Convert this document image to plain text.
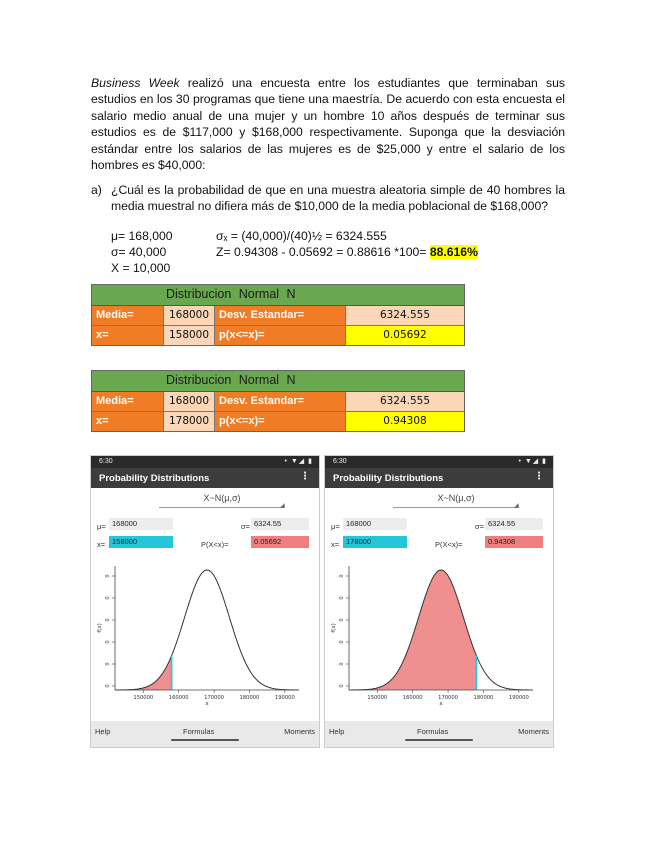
Business Week realizó una encuesta entre los estudiantes que terminaban sus estudios en los 30 programas que tiene una maestría. De acuerdo con esta encuesta el salario medio anual de una mujer y un hombre 10 años después de terminar sus estudios es de $117,000 y $168,000 respectivamente. Suponga que la desviación estándar entre los salarios de las mujeres es de $25,000 y entre el salario de los hombres es $40,000:
a) ¿Cuál es la probabilidad de que en una muestra aleatoria simple de 40 hombres la media muestral no difiera más de $10,000 de la media poblacional de $168,000?
μ= 168,000
σ= 40,000
X = 10,000
σₓ = (40,000)/(40)½ = 6324.555
Z= 0.94308 - 0.05692 = 0.88616 *100= 88.616%
Distribucion Normal N
Media=	168000 Desv. Estandar=	6324.555
x=	158000 p(x<=x)=	0.05692
Distribucion Normal N
Media=	168000 Desv. Estandar=	6324.555
x=	178000 p(x<=x)=	0.94308
6:30	• ▼◢ ▮
Probability Distributions	⋮
X~N(μ,σ)
◢
μ= 168000	σ= 6324.55
x= 158000	P(X<x)=	0.05692
0
0
0
0
0
0
150000	160000	170000	180000	190000
x
f(x)
Help	Formulas	Moments
6:30	• ▼◢ ▮
Probability Distributions	⋮
X~N(μ,σ)
◢
μ= 168000	σ= 6324.55
x= 178000	P(X<x)=	0.94308
0
0
0
0
0
0
150000	160000	170000	180000	190000
x
f(x)
Help	Formulas	Moments
